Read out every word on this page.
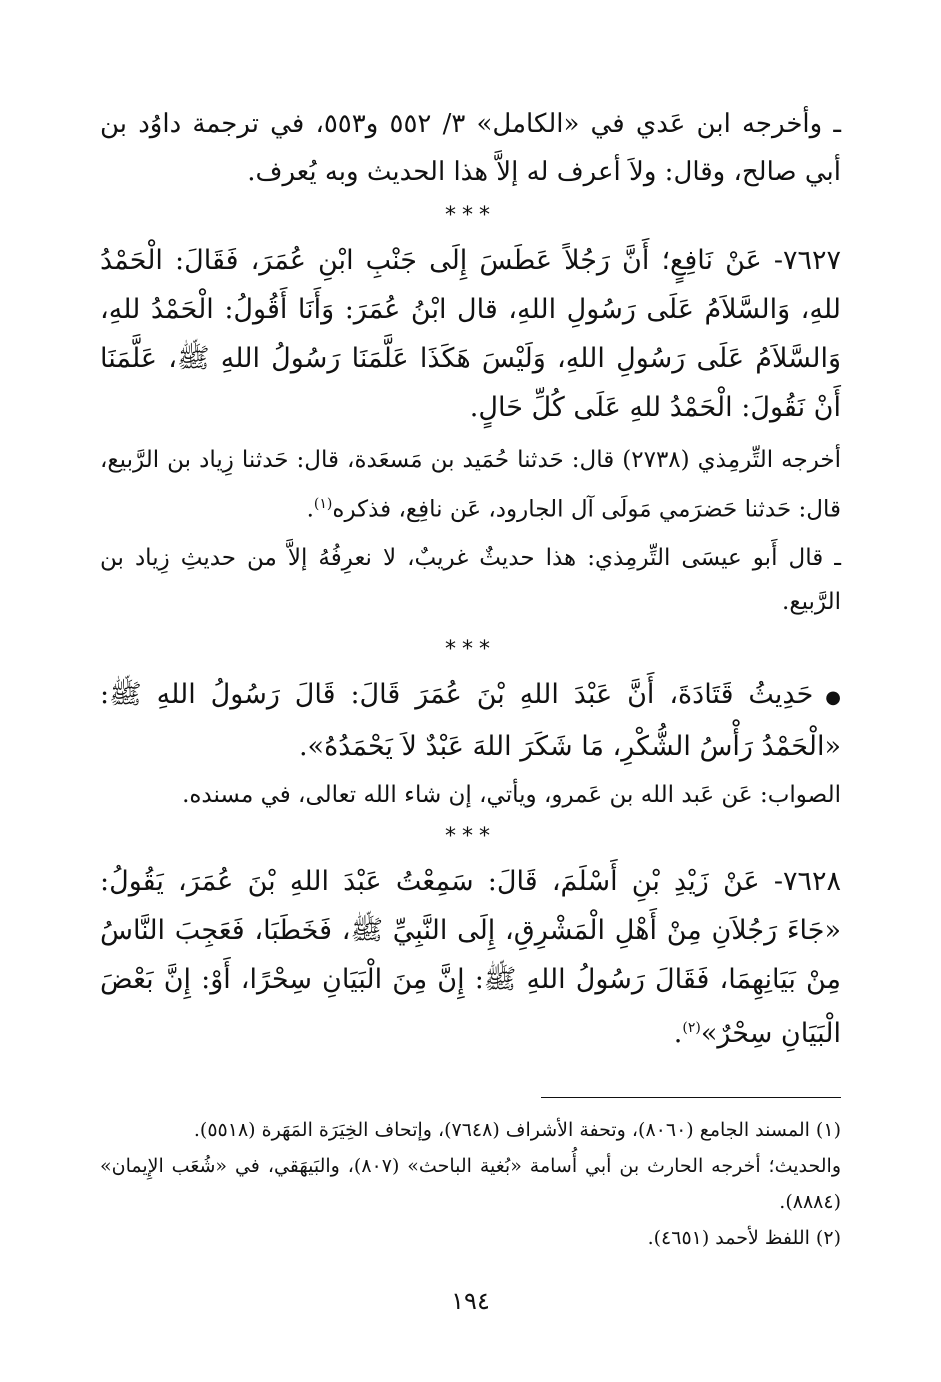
ـ وأخرجه ابن عَدي في «الكامل» ٣/ ٥٥٢ و٥٥٣، في ترجمة داوُد بن أبي صالح، وقال: ولاَ أعرف له إلاَّ هذا الحديث وبه يُعرف.

***

٧٦٢٧- عَنْ نَافِعٍ؛ أَنَّ رَجُلاً عَطَسَ إِلَى جَنْبِ ابْنِ عُمَرَ، فَقَالَ: الْحَمْدُ للهِ، وَالسَّلاَمُ عَلَى رَسُولِ اللهِ، قال ابْنُ عُمَرَ: وَأَنَا أَقُولُ: الْحَمْدُ للهِ، وَالسَّلاَمُ عَلَى رَسُولِ اللهِ، وَلَيْسَ هَكَذَا عَلَّمَنَا رَسُولُ اللهِ ﷺ، عَلَّمَنَا أَنْ نَقُولَ: الْحَمْدُ للهِ عَلَى كُلِّ حَالٍ.

أخرجه التِّرمِذي (٢٧٣٨) قال: حَدثنا حُمَيد بن مَسعَدة، قال: حَدثنا زِياد بن الرَّبيع، قال: حَدثنا حَضرَمي مَولَى آل الجارود، عَن نافِع، فذكره$^{(١)}$.

ـ قال أَبو عيسَى التِّرمِذي: هذا حديثٌ غريبٌ، لا نعرِفُهُ إلاَّ من حديثِ زِياد بن الرَّبيع.

***

●حَدِيثُ قَتَادَةَ، أَنَّ عَبْدَ اللهِ بْنَ عُمَرَ قَالَ: قَالَ رَسُولُ اللهِ ﷺ: «الْحَمْدُ رَأْسُ الشُّكْرِ، مَا شَكَرَ اللهَ عَبْدٌ لاَ يَحْمَدُهُ».

الصواب: عَن عَبد الله بن عَمرو، ويأتي، إن شاء الله تعالى، في مسنده.

***

٧٦٢٨- عَنْ زَيْدِ بْنِ أَسْلَمَ، قَالَ: سَمِعْتُ عَبْدَ اللهِ بْنَ عُمَرَ، يَقُولُ: «جَاءَ رَجُلاَنِ مِنْ أَهْلِ الْمَشْرِقِ، إِلَى النَّبِيِّ ﷺ، فَخَطَبَا، فَعَجِبَ النَّاسُ مِنْ بَيَانِهِمَا، فَقَالَ رَسُولُ اللهِ ﷺ: إِنَّ مِنَ الْبَيَانِ سِحْرًا، أَوْ: إِنَّ بَعْضَ الْبَيَانِ سِحْرٌ»$^{(٢)}$.

(١) المسند الجامع (٨٠٦٠)، وتحفة الأشراف (٧٦٤٨)، وإتحاف الخِيَرَة المَهَرة (٥٥١٨).

والحديث؛ أخرجه الحارث بن أبي أُسامة «بُغية الباحث» (٨٠٧)، والبَيهَقي، في «شُعَب الإِيمان» (٨٨٨٤).

(٢) اللفظ لأحمد (٤٦٥١).

١٩٤
